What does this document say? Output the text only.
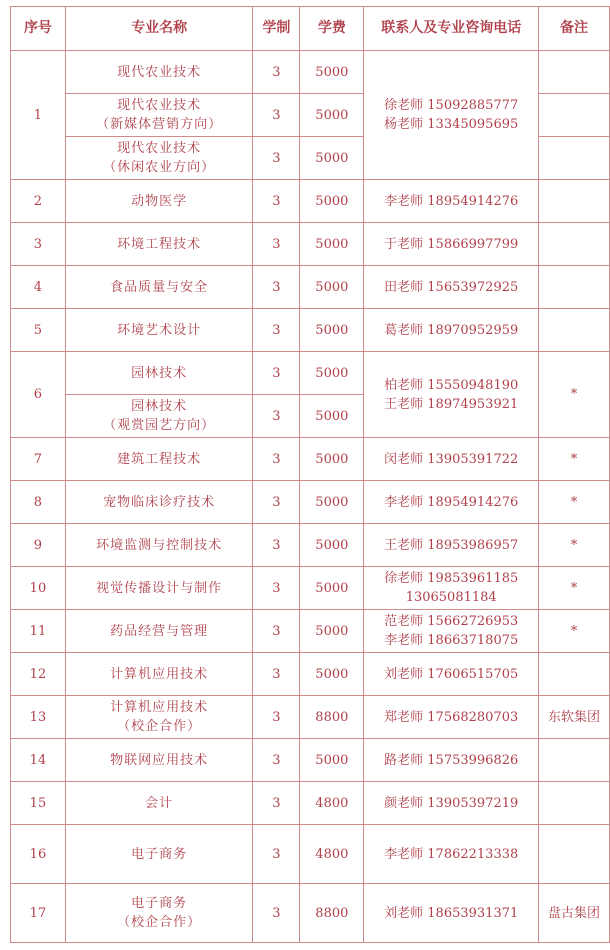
序号	专业名称	学制	学费	联系人及专业咨询电话	备注
1	现代农业技术	3	5000	徐老师 15092885777
杨老师 13345095695	

	现代农业技术
（新媒体营销方向）	3	5000		

	现代农业技术
（休闲农业方向）	3	5000		
2	动物医学	3	5000	李老师 18954914276	

3	环境工程技术	3	5000	于老师 15866997799	

4	食品质量与安全	3	5000	田老师 15653972925	

5	环境艺术设计	3	5000	葛老师 18970952959	

6	园林技术	3	5000	柏老师 15550948190
王老师 18974953921	*

	园林技术
（观赏园艺方向）	3	5000		
7	建筑工程技术	3	5000	闵老师 13905391722	*
8	宠物临床诊疗技术	3	5000	李老师 18954914276	*
9	环境监测与控制技术	3	5000	王老师 18953986957	*
10	视觉传播设计与制作	3	5000	徐老师 19853961185
13065081184	*
11	药品经营与管理	3	5000	范老师 15662726953
李老师 18663718075	*
12	计算机应用技术	3	5000	刘老师 17606515705	

13	计算机应用技术
（校企合作）	3	8800	郑老师 17568280703	东软集团
14	物联网应用技术	3	5000	路老师 15753996826	

15	会计	3	4800	颜老师 13905397219	

16	电子商务	3	4800	李老师 17862213338	

17	电子商务
（校企合作）	3	8800	刘老师 18653931371	盘古集团
